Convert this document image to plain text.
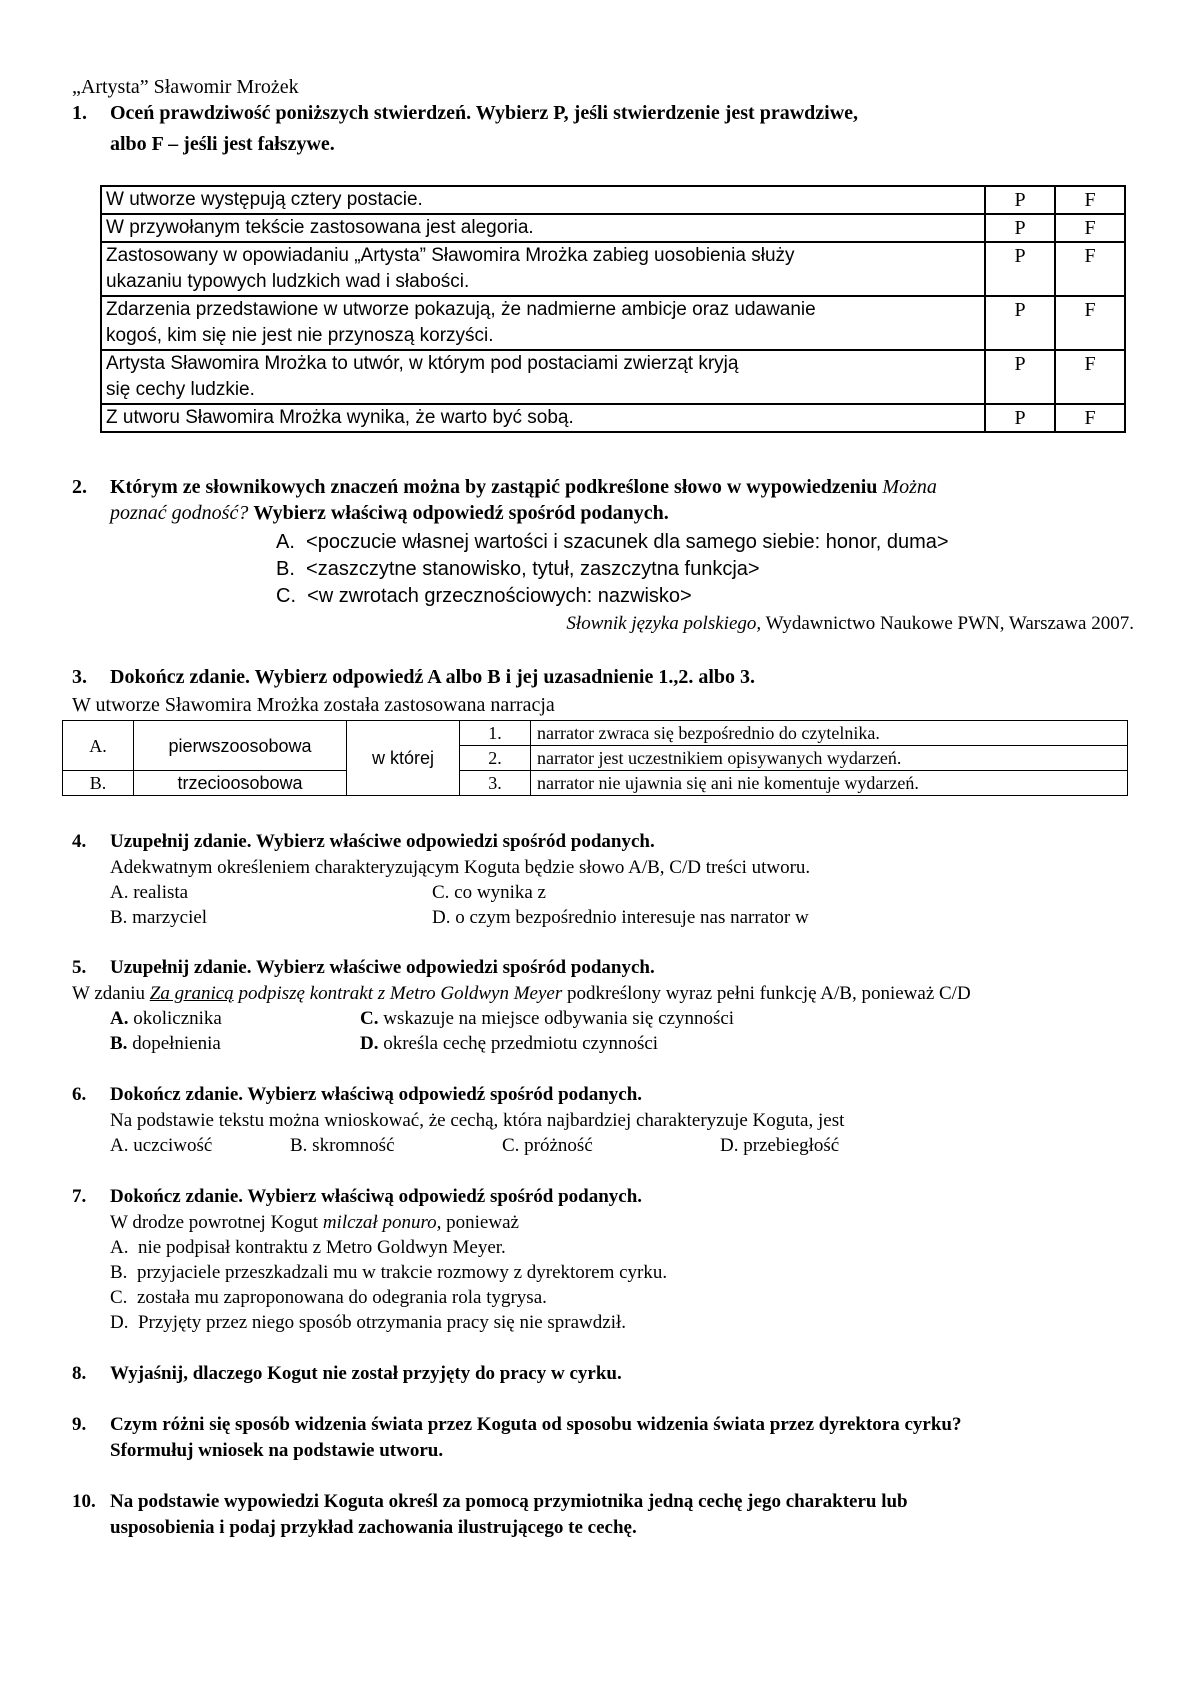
„Artysta” Sławomir Mrożek
1. Oceń prawdziwość poniższych stwierdzeń. Wybierz P, jeśli stwierdzenie jest prawdziwe,
albo F – jeśli jest fałszywe.
W utworze występują cztery postacie.	P	F
W przywołanym tekście zastosowana jest alegoria.	P	F

Zastosowany w opowiadaniu „Artysta” Sławomira Mrożka zabieg uosobienia służy
ukazaniu typowych ludzkich wad i słabości.	P	F

Zdarzenia przedstawione w utworze pokazują, że nadmierne ambicje oraz udawanie
kogoś, kim się nie jest nie przynoszą korzyści.	P	F

Artysta Sławomira Mrożka to utwór, w którym pod postaciami zwierząt kryją
się cechy ludzkie.	P	F
Z utworu Sławomira Mrożka wynika, że warto być sobą.	P	F
2. Którym ze słownikowych znaczeń można by zastąpić podkreślone słowo w wypowiedzeniu Można
poznać godność? Wybierz właściwą odpowiedź spośród podanych.
A. <poczucie własnej wartości i szacunek dla samego siebie: honor, duma>
B. <zaszczytne stanowisko, tytuł, zaszczytna funkcja>
C. <w zwrotach grzecznościowych: nazwisko>
Słownik języka polskiego, Wydawnictwo Naukowe PWN, Warszawa 2007.
3. Dokończ zdanie. Wybierz odpowiedź A albo B i jej uzasadnienie 1.,2. albo 3.
W utworze Sławomira Mrożka została zastosowana narracja
A.	pierwszoosobowa	w której	1.	narrator zwraca się bezpośrednio do czytelnika.
			2.	narrator jest uczestnikiem opisywanych wydarzeń.
B.	trzecioosobowa		3.	narrator nie ujawnia się ani nie komentuje wydarzeń.
4. Uzupełnij zdanie. Wybierz właściwe odpowiedzi spośród podanych.
Adekwatnym określeniem charakteryzującym Koguta będzie słowo A/B, C/D treści utworu.
A. realista
B. marzyciel
C. co wynika z
D. o czym bezpośrednio interesuje nas narrator w
5. Uzupełnij zdanie. Wybierz właściwe odpowiedzi spośród podanych.
W zdaniu Za granicą podpiszę kontrakt z Metro Goldwyn Meyer podkreślony wyraz pełni funkcję A/B, ponieważ C/D
A. okolicznika
B. dopełnienia
C. wskazuje na miejsce odbywania się czynności
D. określa cechę przedmiotu czynności
6. Dokończ zdanie. Wybierz właściwą odpowiedź spośród podanych.
Na podstawie tekstu można wnioskować, że cechą, która najbardziej charakteryzuje Koguta, jest
A. uczciwość	B. skromność	C. próżność	D. przebiegłość
7. Dokończ zdanie. Wybierz właściwą odpowiedź spośród podanych.
W drodze powrotnej Kogut milczał ponuro, ponieważ
A. nie podpisał kontraktu z Metro Goldwyn Meyer.
B. przyjaciele przeszkadzali mu w trakcie rozmowy z dyrektorem cyrku.
C. została mu zaproponowana do odegrania rola tygrysa.
D. Przyjęty przez niego sposób otrzymania pracy się nie sprawdził.
8. Wyjaśnij, dlaczego Kogut nie został przyjęty do pracy w cyrku.
9. Czym różni się sposób widzenia świata przez Koguta od sposobu widzenia świata przez dyrektora cyrku?
Sformułuj wniosek na podstawie utworu.
10. Na podstawie wypowiedzi Koguta określ za pomocą przymiotnika jedną cechę jego charakteru lub
usposobienia i podaj przykład zachowania ilustrującego te cechę.
